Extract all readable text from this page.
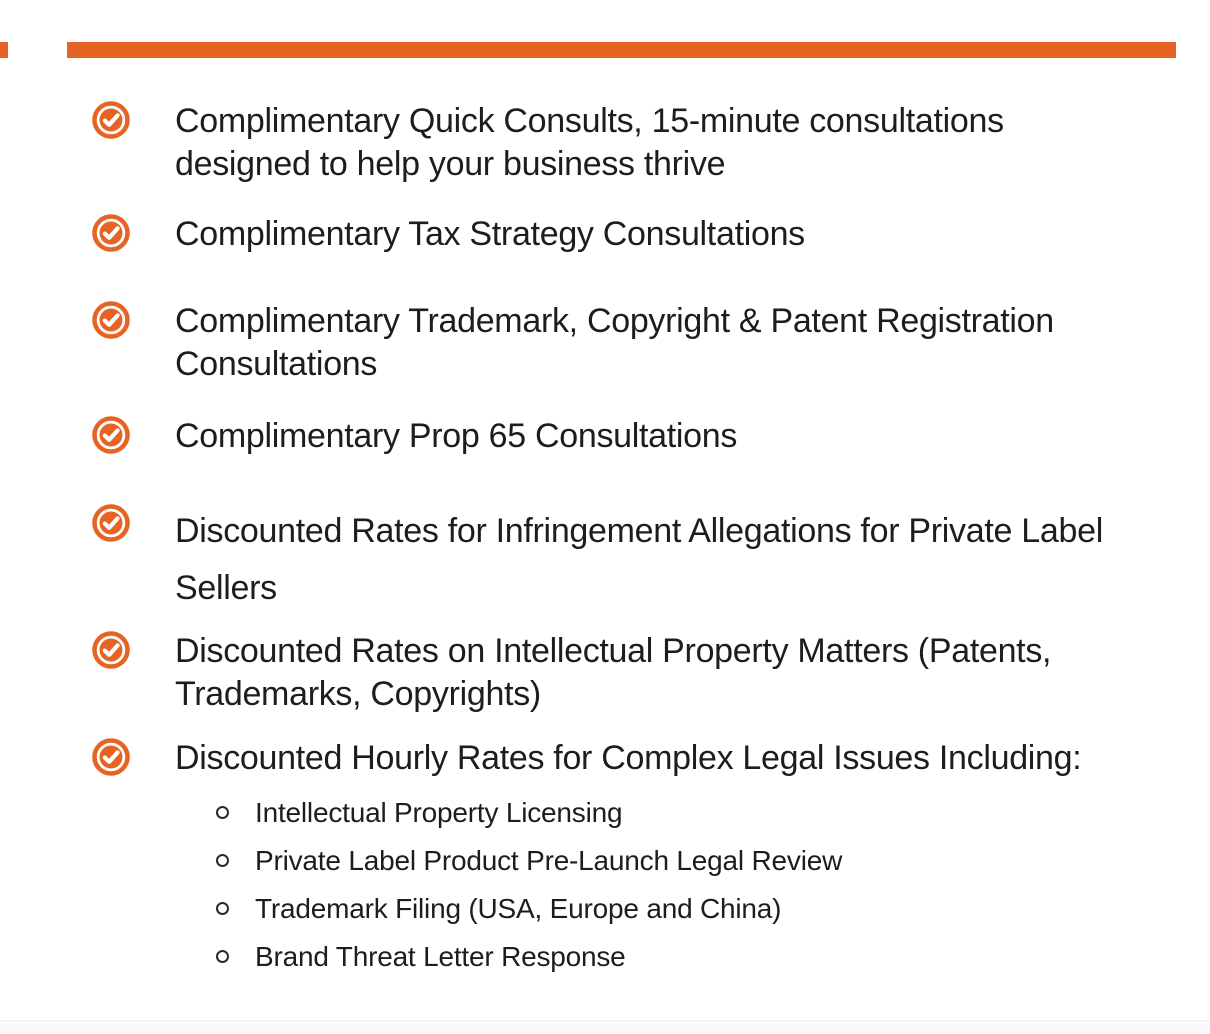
Complimentary Quick Consults, 15-minute consultations designed to help your business thrive

Complimentary Tax Strategy Consultations

Complimentary Trademark, Copyright & Patent Registration Consultations

Complimentary Prop 65 Consultations

Discounted Rates for Infringement Allegations for Private Label Sellers

Discounted Rates on Intellectual Property Matters (Patents, Trademarks, Copyrights)

Discounted Hourly Rates for Complex Legal Issues Including:

Intellectual Property Licensing
Private Label Product Pre-Launch Legal Review
Trademark Filing (USA, Europe and China)
Brand Threat Letter Response
